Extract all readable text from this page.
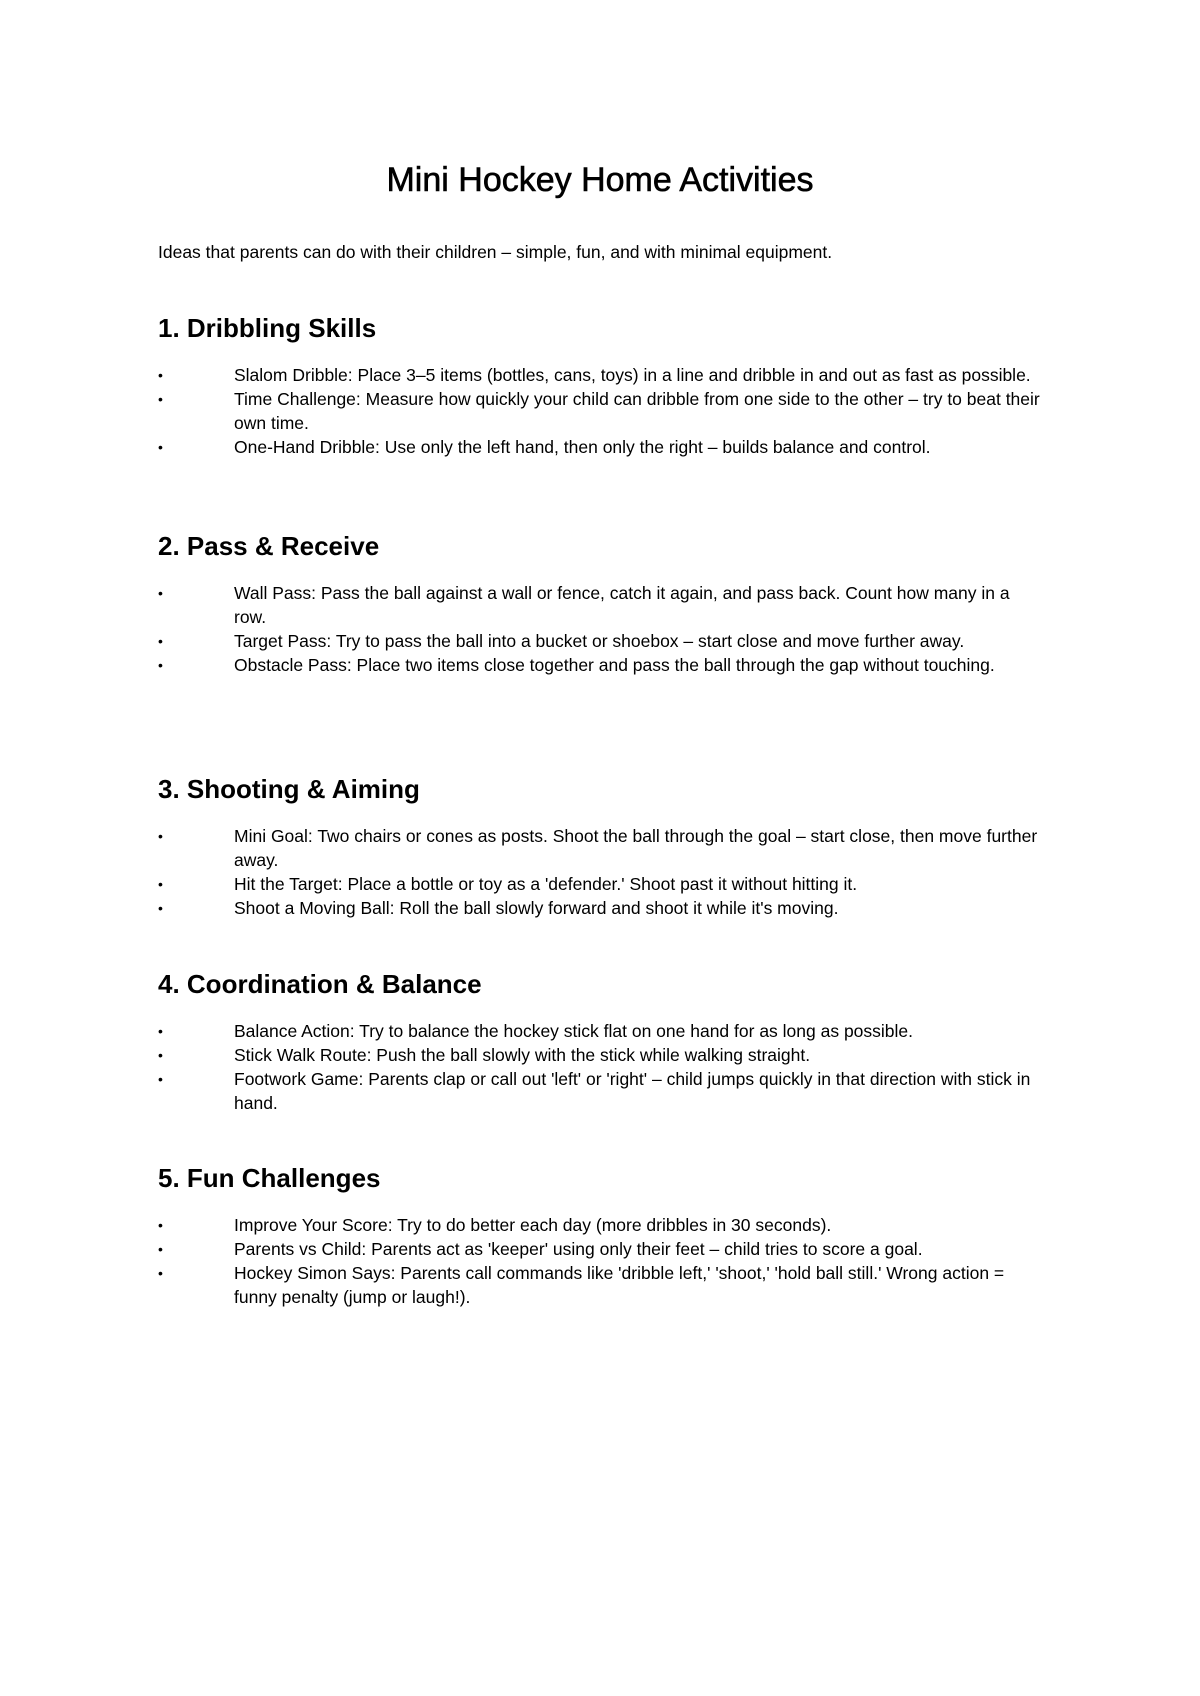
Mini Hockey Home Activities

Ideas that parents can do with their children – simple, fun, and with minimal equipment.

1. Dribbling Skills
•	Slalom Dribble: Place 3–5 items (bottles, cans, toys) in a line and dribble in and out as fast as possible.
•	Time Challenge: Measure how quickly your child can dribble from one side to the other – try to beat their own time.
•	One-Hand Dribble: Use only the left hand, then only the right – builds balance and control.
2. Pass & Receive
•	Wall Pass: Pass the ball against a wall or fence, catch it again, and pass back. Count how many in a row.
•	Target Pass: Try to pass the ball into a bucket or shoebox – start close and move further away.
•	Obstacle Pass: Place two items close together and pass the ball through the gap without touching.
3. Shooting & Aiming
•	Mini Goal: Two chairs or cones as posts. Shoot the ball through the goal – start close, then move further away.
•	Hit the Target: Place a bottle or toy as a 'defender.' Shoot past it without hitting it.
•	Shoot a Moving Ball: Roll the ball slowly forward and shoot it while it's moving.
4. Coordination & Balance
•	Balance Action: Try to balance the hockey stick flat on one hand for as long as possible.
•	Stick Walk Route: Push the ball slowly with the stick while walking straight.
•	Footwork Game: Parents clap or call out 'left' or 'right' – child jumps quickly in that direction with stick in hand.
5. Fun Challenges
•	Improve Your Score: Try to do better each day (more dribbles in 30 seconds).
•	Parents vs Child: Parents act as 'keeper' using only their feet – child tries to score a goal.
•	Hockey Simon Says: Parents call commands like 'dribble left,' 'shoot,' 'hold ball still.' Wrong action = funny penalty (jump or laugh!).
